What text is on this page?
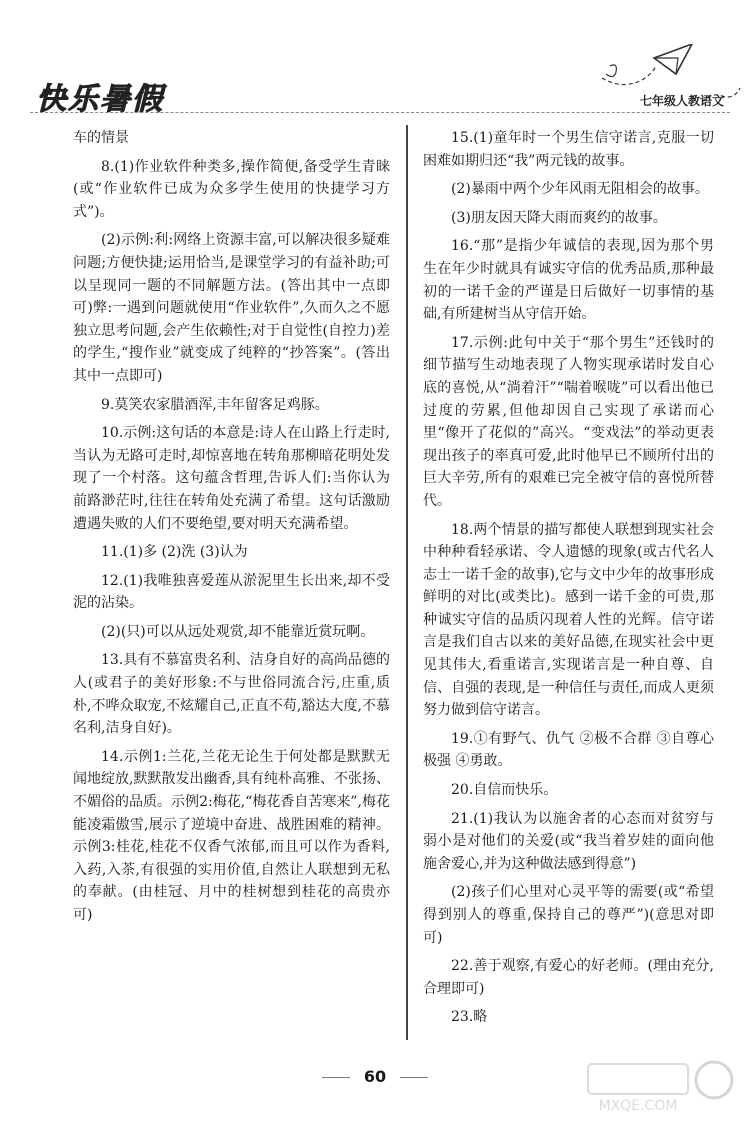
快乐暑假	七年级人教语文

车的情景

8.(1)作业软件种类多,操作简便,备受学生青睐(或“作业软件已成为众多学生使用的快捷学习方式”)。

(2)示例:利:网络上资源丰富,可以解决很多疑难问题;方便快捷;运用恰当,是课堂学习的有益补助;可以呈现同一题的不同解题方法。(答出其中一点即可)弊:一遇到问题就使用“作业软件”,久而久之不愿独立思考问题,会产生依赖性;对于自觉性(自控力)差的学生,“搜作业”就变成了纯粹的“抄答案”。(答出其中一点即可)

9.莫笑农家腊酒浑,丰年留客足鸡豚。

10.示例:这句话的本意是:诗人在山路上行走时,当认为无路可走时,却惊喜地在转角那柳暗花明处发现了一个村落。这句蕴含哲理,告诉人们:当你认为前路渺茫时,往往在转角处充满了希望。这句话激励遭遇失败的人们不要绝望,要对明天充满希望。

11.(1)多 (2)洗 (3)认为

12.(1)我唯独喜爱莲从淤泥里生长出来,却不受泥的沾染。

(2)(只)可以从远处观赏,却不能靠近赏玩啊。

13.具有不慕富贵名利、洁身自好的高尚品德的人(或君子的美好形象:不与世俗同流合污,庄重,质朴,不哗众取宠,不炫耀自己,正直不苟,豁达大度,不慕名利,洁身自好)。

14.示例1:兰花,兰花无论生于何处都是默默无闻地绽放,默默散发出幽香,具有纯朴高雅、不张扬、不媚俗的品质。示例2:梅花,“梅花香自苦寒来”,梅花能凌霜傲雪,展示了逆境中奋进、战胜困难的精神。示例3:桂花,桂花不仅香气浓郁,而且可以作为香料,入药,入茶,有很强的实用价值,自然让人联想到无私的奉献。(由桂冠、月中的桂树想到桂花的高贵亦可)

15.(1)童年时一个男生信守诺言,克服一切困难如期归还“我”两元钱的故事。

(2)暴雨中两个少年风雨无阻相会的故事。

(3)朋友因天降大雨而爽约的故事。

16.“那”是指少年诚信的表现,因为那个男生在年少时就具有诚实守信的优秀品质,那种最初的一诺千金的严谨是日后做好一切事情的基础,有所建树当从守信开始。

17.示例:此句中关于“那个男生”还钱时的细节描写生动地表现了人物实现承诺时发自心底的喜悦,从“淌着汗”“喘着喉咙”可以看出他已过度的劳累,但他却因自己实现了承诺而心里“像开了花似的”高兴。“变戏法”的举动更表现出孩子的率真可爱,此时他早已不顾所付出的巨大辛劳,所有的艰难已完全被守信的喜悦所替代。

18.两个情景的描写都使人联想到现实社会中种种看轻承诺、令人遗憾的现象(或古代名人志士一诺千金的故事),它与文中少年的故事形成鲜明的对比(或类比)。感到一诺千金的可贵,那种诚实守信的品质闪现着人性的光辉。信守诺言是我们自古以来的美好品德,在现实社会中更见其伟大,看重诺言,实现诺言是一种自尊、自信、自强的表现,是一种信任与责任,而成人更须努力做到信守诺言。

19.①有野气、仇气 ②极不合群 ③自尊心极强 ④勇敢。

20.自信而快乐。

21.(1)我认为以施舍者的心态而对贫穷与弱小是对他们的关爱(或“我当着岁娃的面向他施舍爱心,并为这种做法感到得意”)

(2)孩子们心里对心灵平等的需要(或“希望得到别人的尊重,保持自己的尊严”)(意思对即可)

22.善于观察,有爱心的好老师。(理由充分,合理即可)

23.略

60
MXQE.COM
